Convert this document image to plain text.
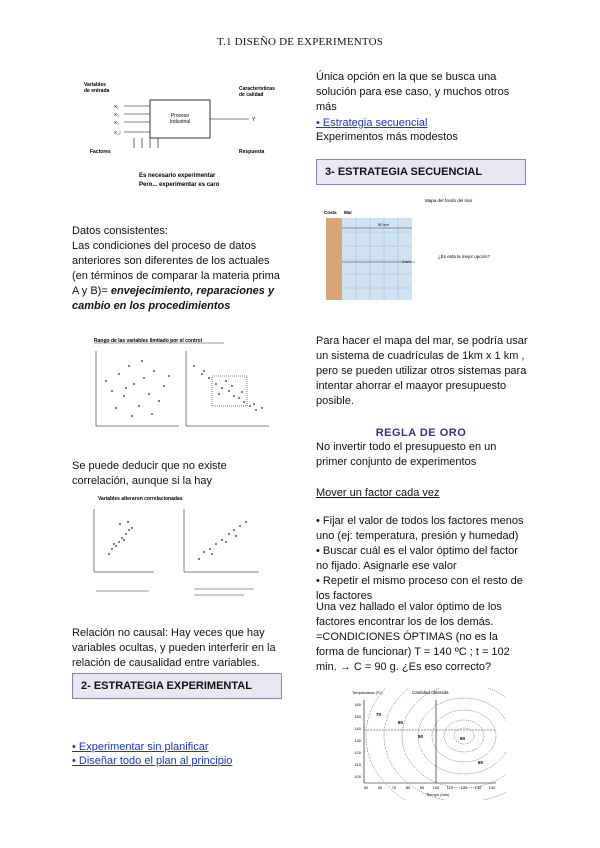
T.1 DISEÑO DE EXPERIMENTOS
Variables
de entrada	Características
de calidad
Proceso
Industrial
X₁
X₂
X₃
X_i
Y
Factores	Respuesta
Es necesario experimentar
Pero... experimentar es caro
Datos consistentes:
Las condiciones del proceso de datos anteriores son diferentes de los actuales (en términos de comparar la materia prima A y B)= envejecimiento, reparaciones y cambio en los procedimientos
Rango de las variables limitado por el control
Se puede deducir que no existe correlación, aunque si la hay
Variables alteraron correlacionadas
Relación no causal: Hay veces que hay variables ocultas, y pueden interferir en la relación de causalidad entre variables.
2- ESTRATEGIA EXPERIMENTAL
• Experimentar sin planificar
• Diseñar todo el plan al principio
Única opción en la que se busca una solución para ese caso, y muchos otros más
• Estrategia secuencial
Experimentos más modestos
3- ESTRATEGIA SECUENCIAL
Mapa del fondo del mar
Costa Mar
50 km
1 km
¿Es esta la mejor opción?
Para hacer el mapa del mar, se podría usar un sistema de cuadrículas de 1km x 1 km , pero se pueden utilizar otros sistemas para intentar ahorrar el maayor presupuesto posible.
REGLA DE ORO
No invertir todo el presupuesto en un primer conjunto de experimentos
Mover un factor cada vez
• Fijar el valor de todos los factores menos uno (ej: temperatura, presión y humedad)
• Buscar cuál es el valor óptimo del factor no fijado. Asignarle ese valor
• Repetir el mismo proceso con el resto de los factores
Una vez hallado el valor óptimo de los factores encontrar los de los demás.
=CONDICIONES ÓPTIMAS (no es la forma de funcionar) T = 140 ºC ; t = 102 min. → C = 90 g. ¿Es eso correcto?
Temperatura (ºC)	Cantidad obtenida
160
150
140
130
120
110
100
50 60 70 80 90 100 110 120 130 140
Tiempo (min)
70
80
90	90
80
